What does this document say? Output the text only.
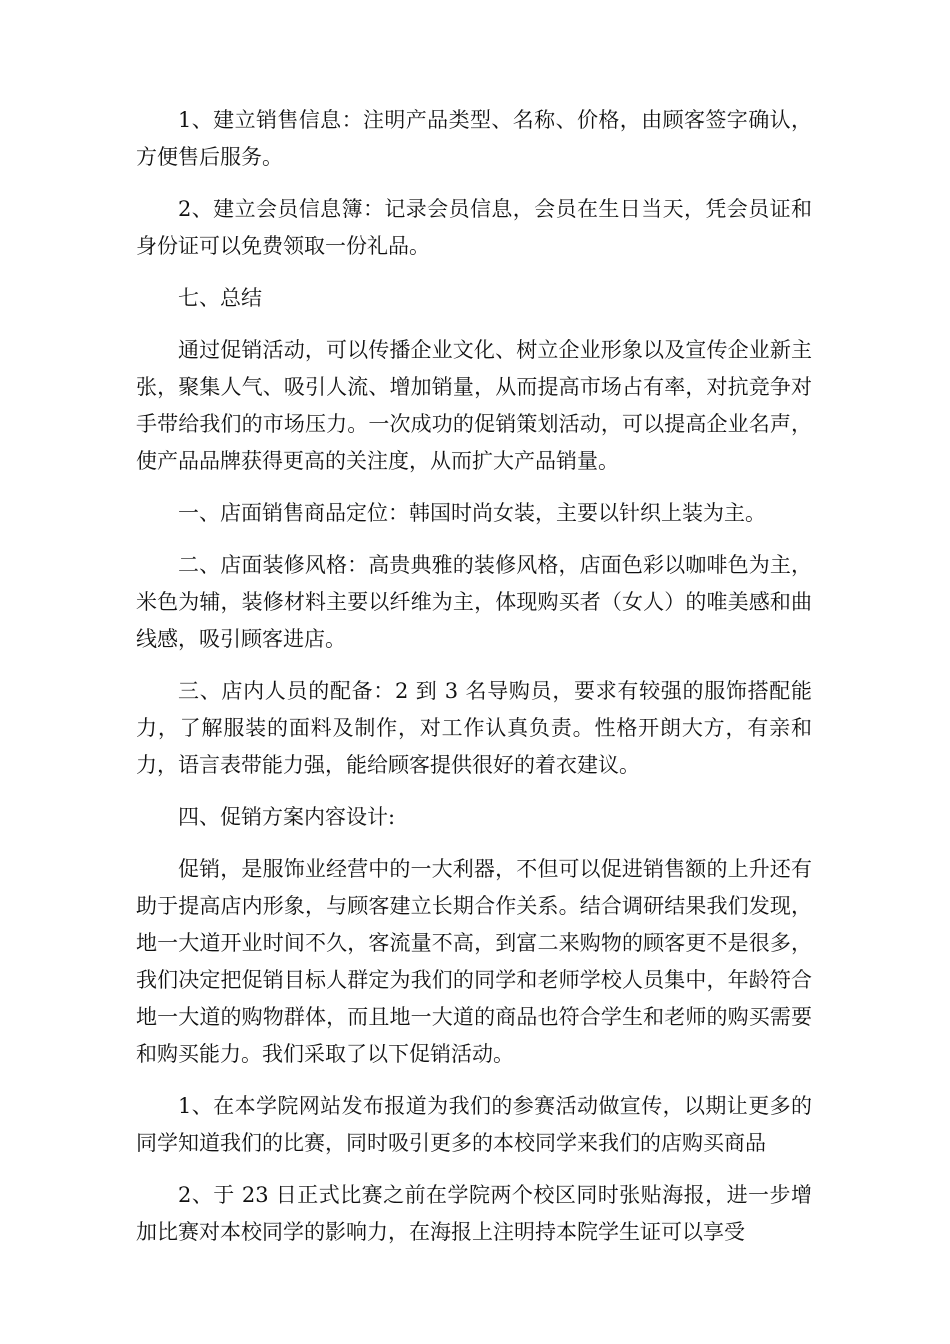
1、建立销售信息：注明产品类型、名称、价格，由顾客签字确认，方便售后服务。

2、建立会员信息簿：记录会员信息，会员在生日当天，凭会员证和身份证可以免费领取一份礼品。

七、总结

通过促销活动，可以传播企业文化、树立企业形象以及宣传企业新主张，聚集人气、吸引人流、增加销量，从而提高市场占有率，对抗竞争对手带给我们的市场压力。一次成功的促销策划活动，可以提高企业名声，使产品品牌获得更高的关注度，从而扩大产品销量。

一、店面销售商品定位：韩国时尚女装，主要以针织上装为主。

二、店面装修风格：高贵典雅的装修风格，店面色彩以咖啡色为主，米色为辅，装修材料主要以纤维为主，体现购买者（女人）的唯美感和曲线感，吸引顾客进店。

三、店内人员的配备：2 到 3 名导购员，要求有较强的服饰搭配能力，了解服装的面料及制作，对工作认真负责。性格开朗大方，有亲和力，语言表带能力强，能给顾客提供很好的着衣建议。

四、促销方案内容设计:

促销，是服饰业经营中的一大利器，不但可以促进销售额的上升还有助于提高店内形象，与顾客建立长期合作关系。结合调研结果我们发现，地一大道开业时间不久，客流量不高，到富二来购物的顾客更不是很多，我们决定把促销目标人群定为我们的同学和老师学校人员集中，年龄符合地一大道的购物群体，而且地一大道的商品也符合学生和老师的购买需要和购买能力。我们采取了以下促销活动。

1、在本学院网站发布报道为我们的参赛活动做宣传，以期让更多的同学知道我们的比赛，同时吸引更多的本校同学来我们的店购买商品

2、于 23 日正式比赛之前在学院两个校区同时张贴海报，进一步增加比赛对本校同学的影响力，在海报上注明持本院学生证可以享受
